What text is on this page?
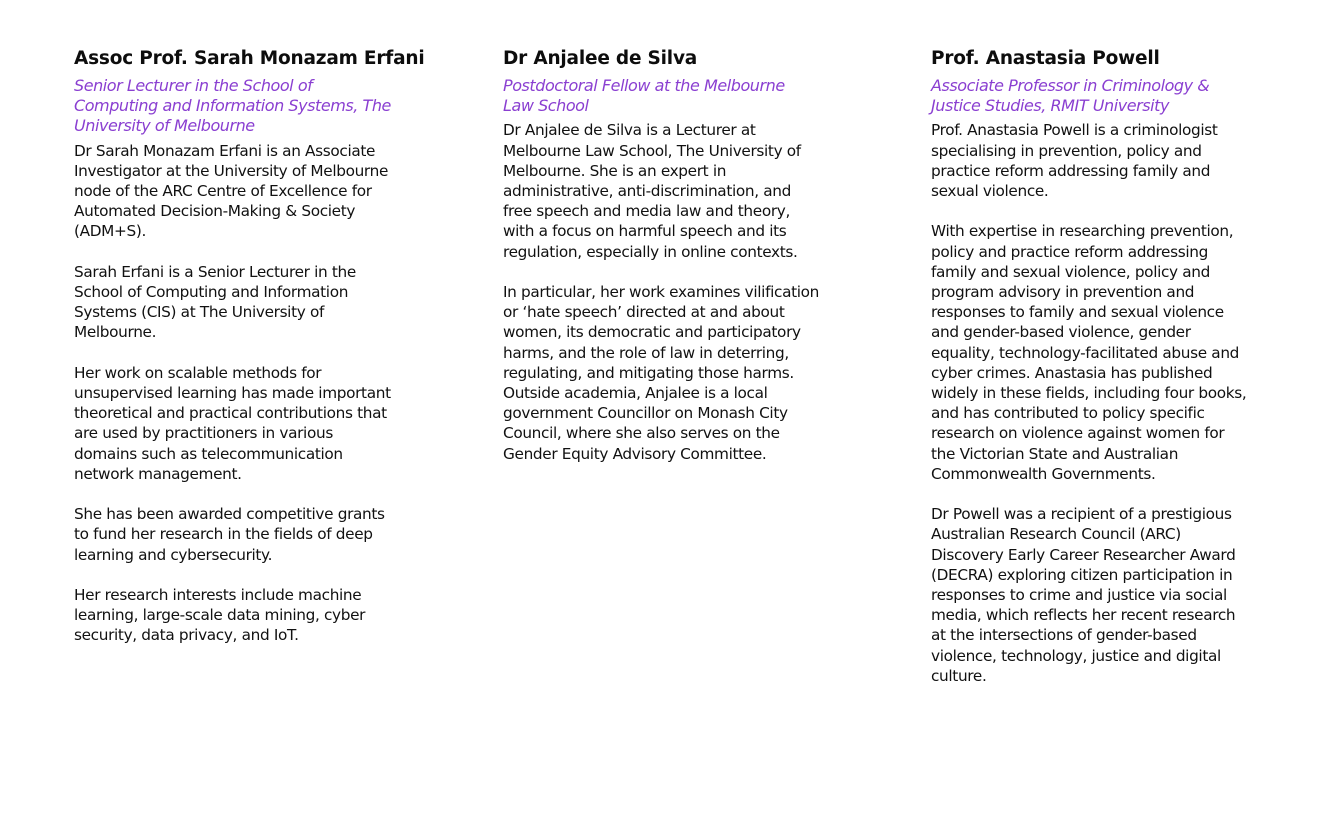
Assoc Prof. Sarah Monazam Erfani
Senior Lecturer in the School of Computing and Information Systems, The University of Melbourne

Dr Sarah Monazam Erfani is an Associate Investigator at the University of Melbourne node of the ARC Centre of Excellence for Automated Decision-Making & Society (ADM+S).

Sarah Erfani is a Senior Lecturer in the School of Computing and Information Systems (CIS) at The University of Melbourne.

Her work on scalable methods for unsupervised learning has made important theoretical and practical contributions that are used by practitioners in various domains such as telecommunication network management.

She has been awarded competitive grants to fund her research in the fields of deep learning and cybersecurity.

Her research interests include machine learning, large-scale data mining, cyber security, data privacy, and IoT.

Dr Anjalee de Silva
Postdoctoral Fellow at the Melbourne Law School

Dr Anjalee de Silva is a Lecturer at Melbourne Law School, The University of Melbourne. She is an expert in administrative, anti-discrimination, and free speech and media law and theory, with a focus on harmful speech and its regulation, especially in online contexts.

In particular, her work examines vilification or ‘hate speech’ directed at and about women, its democratic and participatory harms, and the role of law in deterring, regulating, and mitigating those harms. Outside academia, Anjalee is a local government Councillor on Monash City Council, where she also serves on the Gender Equity Advisory Committee.

Prof. Anastasia Powell
Associate Professor in Criminology & Justice Studies, RMIT University

Prof. Anastasia Powell is a criminologist specialising in prevention, policy and practice reform addressing family and sexual violence.

With expertise in researching prevention, policy and practice reform addressing family and sexual violence, policy and program advisory in prevention and responses to family and sexual violence and gender-based violence, gender equality, technology-facilitated abuse and cyber crimes. Anastasia has published widely in these fields, including four books, and has contributed to policy specific research on violence against women for the Victorian State and Australian Commonwealth Governments.

Dr Powell was a recipient of a prestigious Australian Research Council (ARC) Discovery Early Career Researcher Award (DECRA) exploring citizen participation in responses to crime and justice via social media, which reflects her recent research at the intersections of gender-based violence, technology, justice and digital culture.
